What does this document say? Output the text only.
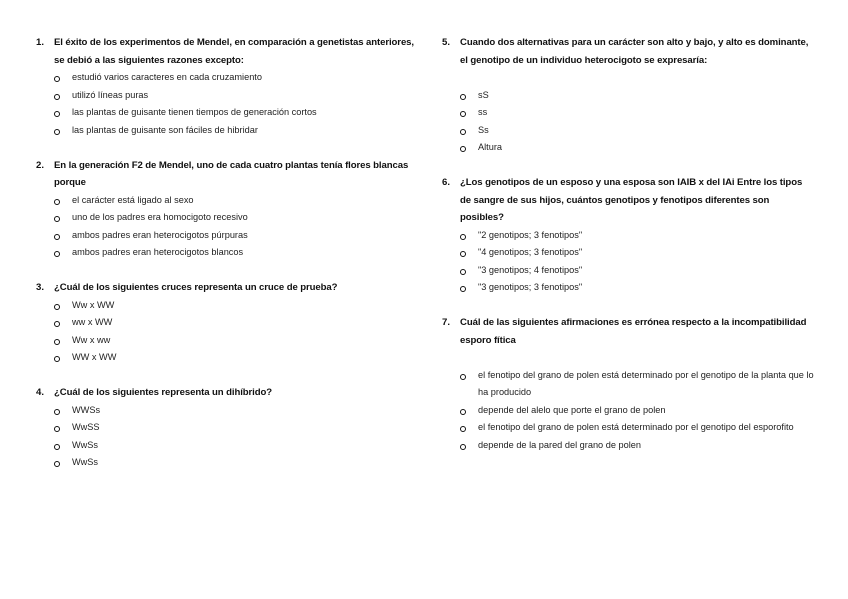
1.	El éxito de los experimentos de Mendel, en comparación a genetistas anteriores, se debió a las siguientes razones excepto:
estudió varios caracteres en cada cruzamiento
utilizó líneas puras
las plantas de guisante tienen tiempos de generación cortos
las plantas de guisante son fáciles de hibridar
2.	En la generación F2 de Mendel, uno de cada cuatro plantas tenía flores blancas porque
el carácter está ligado al sexo
uno de los padres era homocigoto recesivo
ambos padres eran heterocigotos púrpuras
ambos padres eran heterocigotos blancos
3.	¿Cuál de los siguientes cruces representa un cruce de prueba?
Ww x WW
ww x WW
Ww x ww
WW x WW
4.	¿Cuál de los siguientes representa un dihíbrido?
WWSs
WwSS
WwSs
WwSs
5.	Cuando dos alternativas para un carácter son alto y bajo, y alto es dominante, el genotipo de un individuo heterocigoto se expresaría:
sS
ss
Ss
Altura
6.	¿Los genotipos de un esposo y una esposa son IAIB x del IAi Entre los tipos de sangre de sus hijos, cuántos genotipos y fenotipos diferentes son posibles?
"2 genotipos; 3 fenotipos"
"4 genotipos; 3 fenotipos"
"3 genotipos; 4 fenotipos"
"3 genotipos; 3 fenotipos"
7.	Cuál de las siguientes afirmaciones es errónea respecto a la incompatibilidad esporo fítica
el fenotipo del grano de polen está determinado por el genotipo de la planta que lo ha producido
depende del alelo que porte el grano de polen
el fenotipo del grano de polen está determinado por el genotipo del esporofito
depende de la pared del grano de polen
